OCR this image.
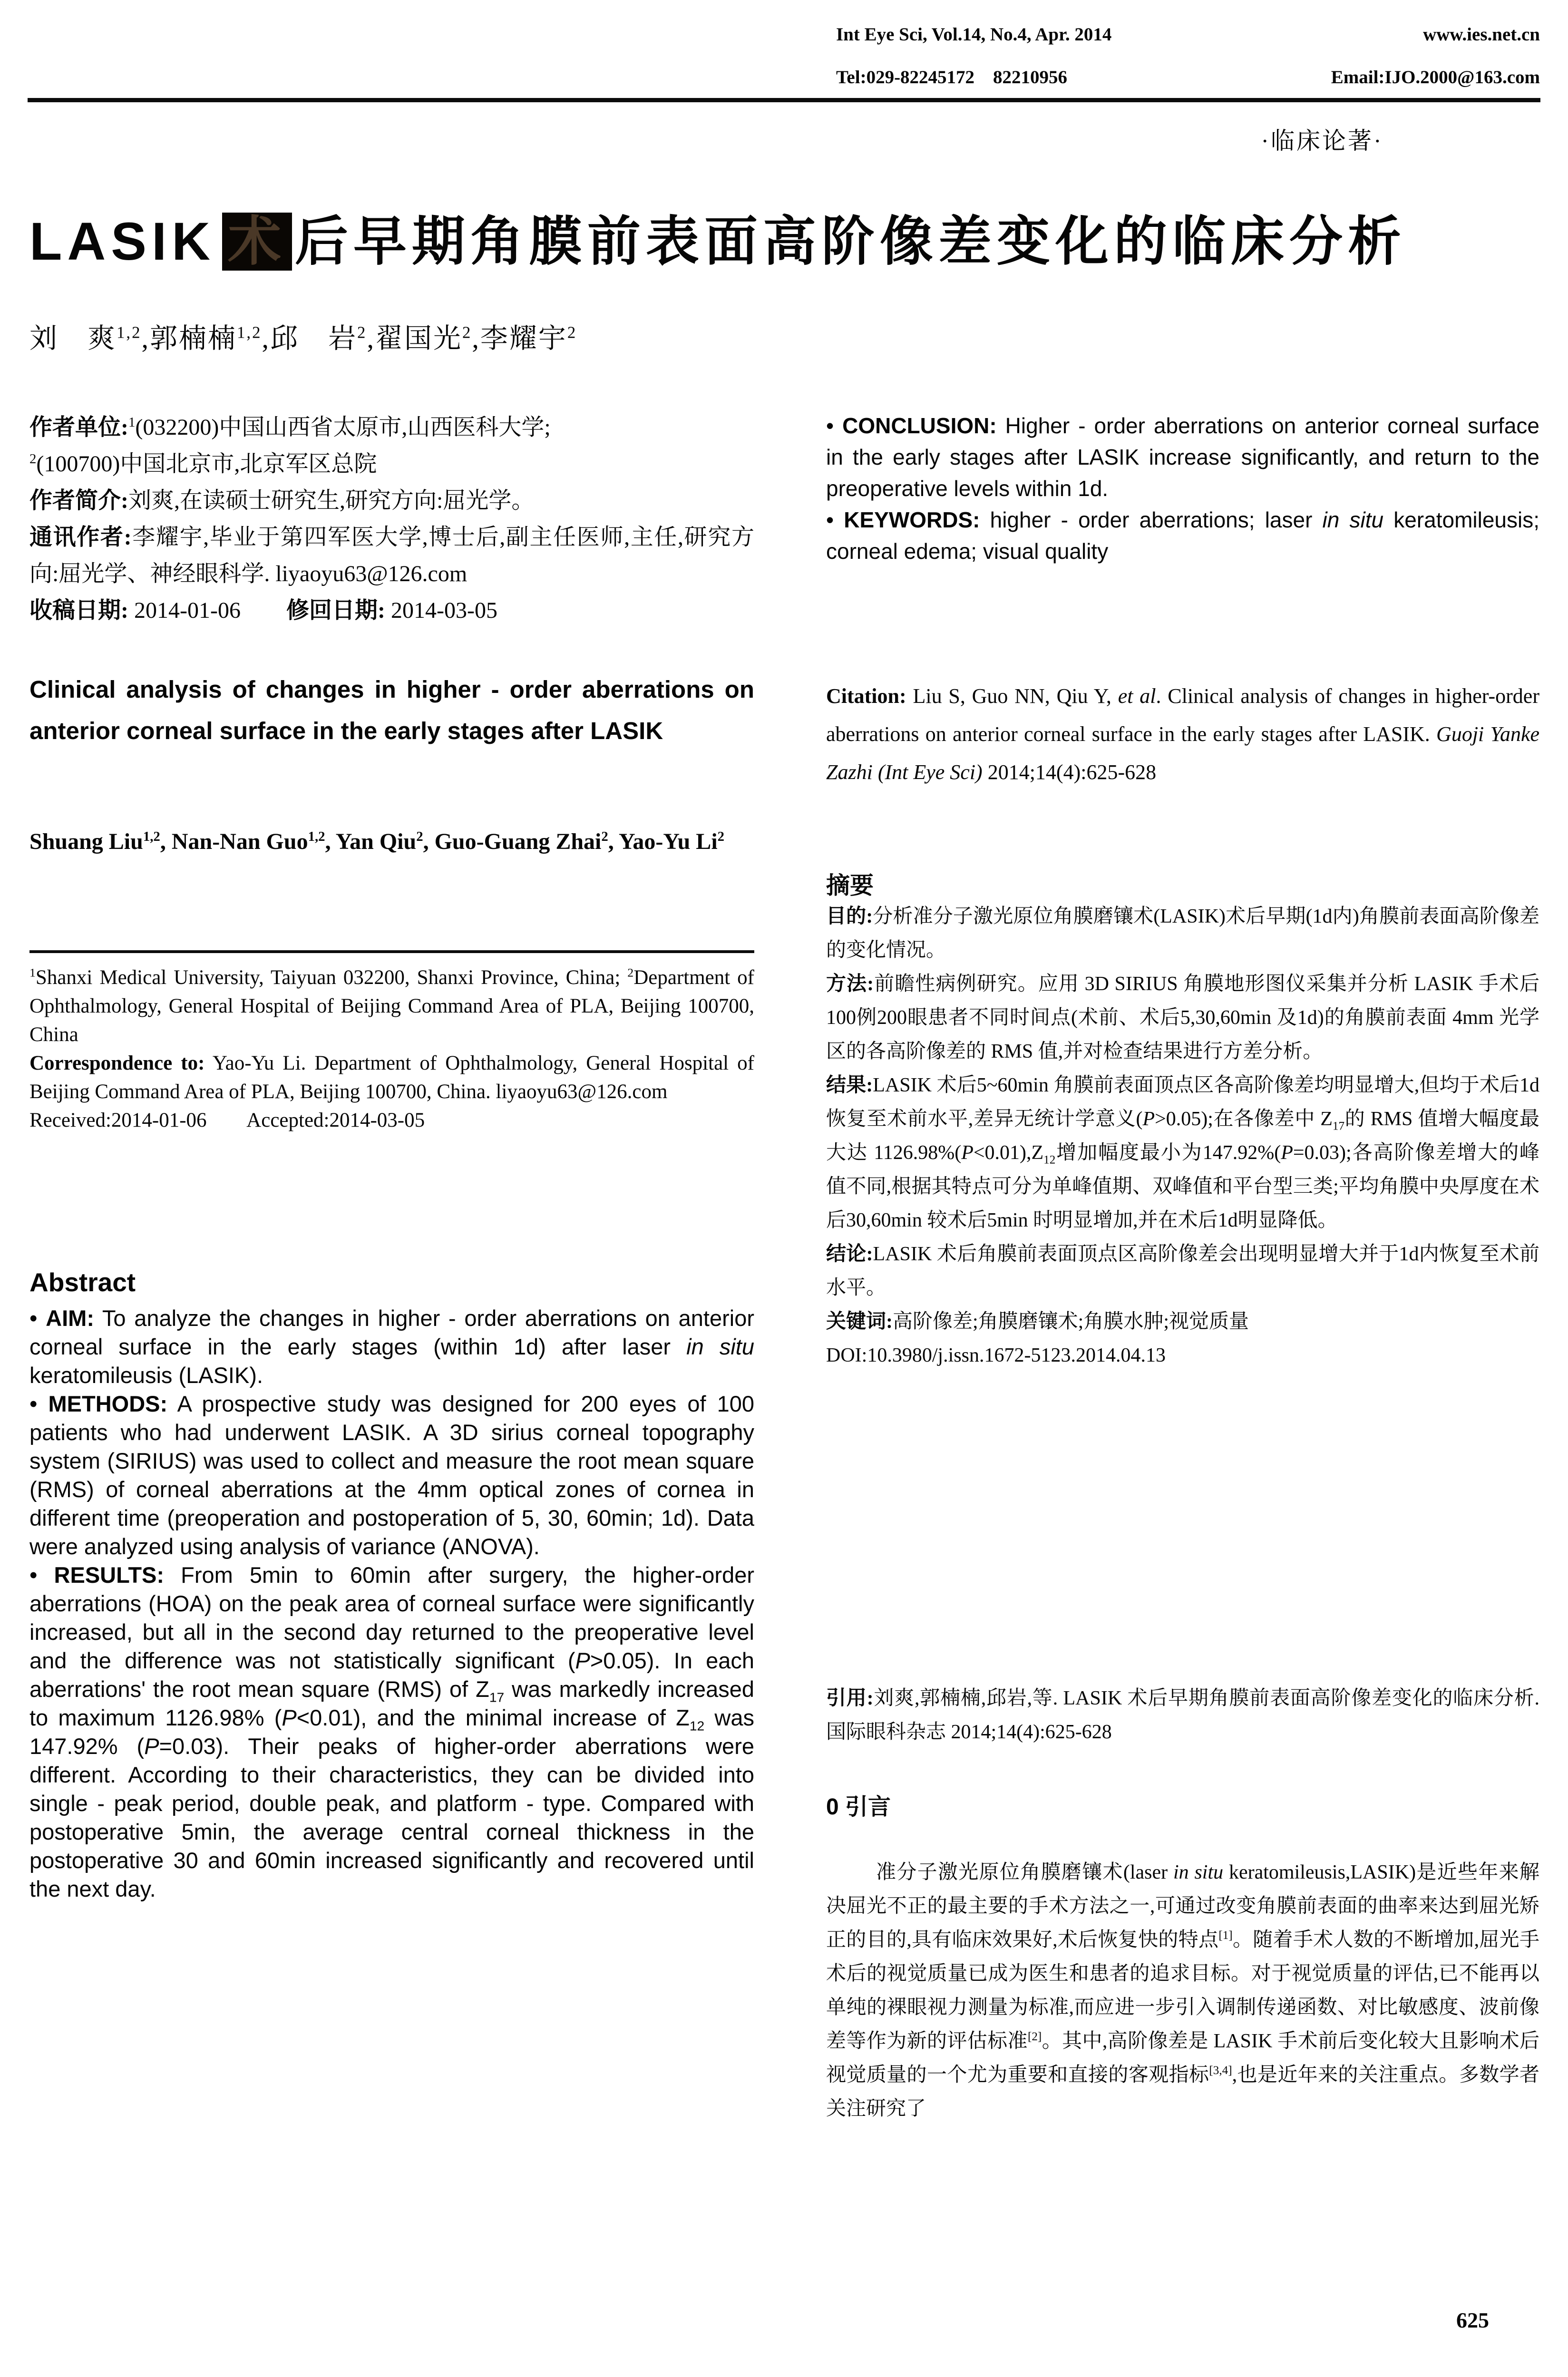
Int Eye Sci, Vol.14, No.4, Apr. 2014	www.ies.net.cn
Tel:029-82245172    82210956	Email:IJO.2000@163.com
·临床论著·
LASIK 术 后早期角膜前表面高阶像差变化的临床分析
刘　爽$^{1,2}$,郭楠楠$^{1,2}$,邱　岩$^2$,翟国光$^2$,李耀宇$^2$

作者单位:$^1$(032200)中国山西省太原市,山西医科大学;
$^2$(100700)中国北京市,北京军区总院

作者简介:刘爽,在读硕士研究生,研究方向:屈光学。

通讯作者:李耀宇,毕业于第四军医大学,博士后,副主任医师,主任,研究方向:屈光学、神经眼科学. liyaoyu63@126.com

收稿日期: 2014-01-06        修回日期: 2014-03-05

Clinical analysis of changes in higher - order aberrations on anterior corneal surface in the early stages after LASIK
Shuang Liu$^{1,2}$, Nan-Nan Guo$^{1,2}$, Yan Qiu$^2$, Guo-Guang Zhai$^2$, Yao-Yu Li$^2$

$^1$Shanxi Medical University, Taiyuan 032200, Shanxi Province, China; $^2$Department of Ophthalmology, General Hospital of Beijing Command Area of PLA, Beijing 100700, China

Correspondence to: Yao-Yu Li. Department of Ophthalmology, General Hospital of Beijing Command Area of PLA, Beijing 100700, China. liyaoyu63@126.com

Received:2014-01-06        Accepted:2014-03-05

Abstract

• AIM: To analyze the changes in higher - order aberrations on anterior corneal surface in the early stages (within 1d) after laser in situ keratomileusis (LASIK).

• METHODS: A prospective study was designed for 200 eyes of 100 patients who had underwent LASIK. A 3D sirius corneal topography system (SIRIUS) was used to collect and measure the root mean square (RMS) of corneal aberrations at the 4mm optical zones of cornea in different time (preoperation and postoperation of 5, 30, 60min; 1d). Data were analyzed using analysis of variance (ANOVA).

• RESULTS: From 5min to 60min after surgery, the higher-order aberrations (HOA) on the peak area of corneal surface were significantly increased, but all in the second day returned to the preoperative level and the difference was not statistically significant (P>0.05). In each aberrations' the root mean square (RMS) of $Z_{17}$ was markedly increased to maximum 1126.98% (P<0.01), and the minimal increase of $Z_{12}$ was 147.92% (P=0.03). Their peaks of higher-order aberrations were different. According to their characteristics, they can be divided into single - peak period, double peak, and platform - type. Compared with postoperative 5min, the average central corneal thickness in the postoperative 30 and 60min increased significantly and recovered until the next day.

• CONCLUSION: Higher - order aberrations on anterior corneal surface in the early stages after LASIK increase significantly, and return to the preoperative levels within 1d.

• KEYWORDS: higher - order aberrations; laser in situ keratomileusis; corneal edema; visual quality

Citation: Liu S, Guo NN, Qiu Y, et al. Clinical analysis of changes in higher-order aberrations on anterior corneal surface in the early stages after LASIK. Guoji Yanke Zazhi (Int Eye Sci) 2014;14(4):625-628
摘要

目的:分析准分子激光原位角膜磨镶术(LASIK)术后早期(1d内)角膜前表面高阶像差的变化情况。

方法:前瞻性病例研究。应用 3D SIRIUS 角膜地形图仪采集并分析 LASIK 手术后100例200眼患者不同时间点(术前、术后5,30,60min 及1d)的角膜前表面 4mm 光学区的各高阶像差的 RMS 值,并对检查结果进行方差分析。

结果:LASIK 术后5~60min 角膜前表面顶点区各高阶像差均明显增大,但均于术后1d恢复至术前水平,差异无统计学意义(P>0.05);在各像差中 $Z_{17}$的 RMS 值增大幅度最大达 $1126.98\%(P<0.01),Z_{12}$增加幅度最小为147.92%(P=0.03);各高阶像差增大的峰值不同,根据其特点可分为单峰值期、双峰值和平台型三类;平均角膜中央厚度在术后30,60min 较术后5min 时明显增加,并在术后1d明显降低。

结论:LASIK 术后角膜前表面顶点区高阶像差会出现明显增大并于1d内恢复至术前水平。

关键词:高阶像差;角膜磨镶术;角膜水肿;视觉质量

DOI:10.3980/j.issn.1672-5123.2014.04.13

引用:刘爽,郭楠楠,邱岩,等. LASIK 术后早期角膜前表面高阶像差变化的临床分析. 国际眼科杂志 2014;14(4):625-628
0 引言
准分子激光原位角膜磨镶术(laser in situ keratomileusis,LASIK)是近些年来解决屈光不正的最主要的手术方法之一,可通过改变角膜前表面的曲率来达到屈光矫正的目的,具有临床效果好,术后恢复快的特点[1]。随着手术人数的不断增加,屈光手术后的视觉质量已成为医生和患者的追求目标。对于视觉质量的评估,已不能再以单纯的裸眼视力测量为标准,而应进一步引入调制传递函数、对比敏感度、波前像差等作为新的评估标准[2]。其中,高阶像差是 LASIK 手术前后变化较大且影响术后视觉质量的一个尤为重要和直接的客观指标[3,4],也是近年来的关注重点。多数学者关注研究了
625
